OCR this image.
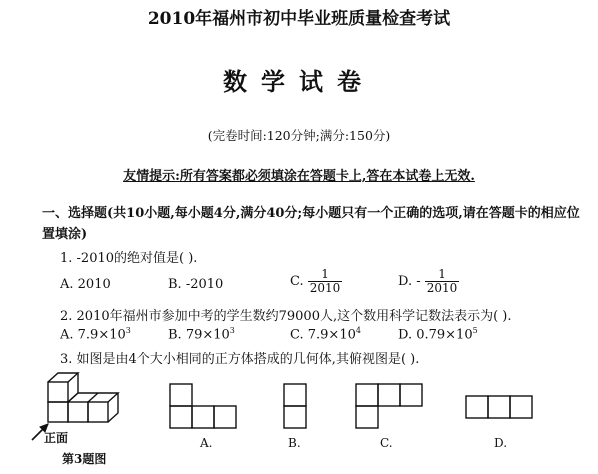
2010年福州市初中毕业班质量检查考试
数学试卷
(完卷时间:120分钟;满分:150分)
友情提示:所有答案都必须填涂在答题卡上,答在本试卷上无效.
一、选择题(共10小题,每小题4分,满分40分;每小题只有一个正确的选项,请在答题卡的相应位置填涂)
1. -2010的绝对值是( ).
A. 2010	B. -2010	C. $\frac{1}{2010}$	D. - $\frac{1}{2010}$
2. 2010年福州市参加中考的学生数约79000人,这个数用科学记数法表示为( ).
A. $7.9\times 10^3$	B. $79\times 10^3$	C. $7.9\times 10^4$	D. $0.79\times 10^5$
3. 如图是由4个大小相同的正方体搭成的几何体,其俯视图是( ).
正面
第3题图
A.	B.	C.	D.
